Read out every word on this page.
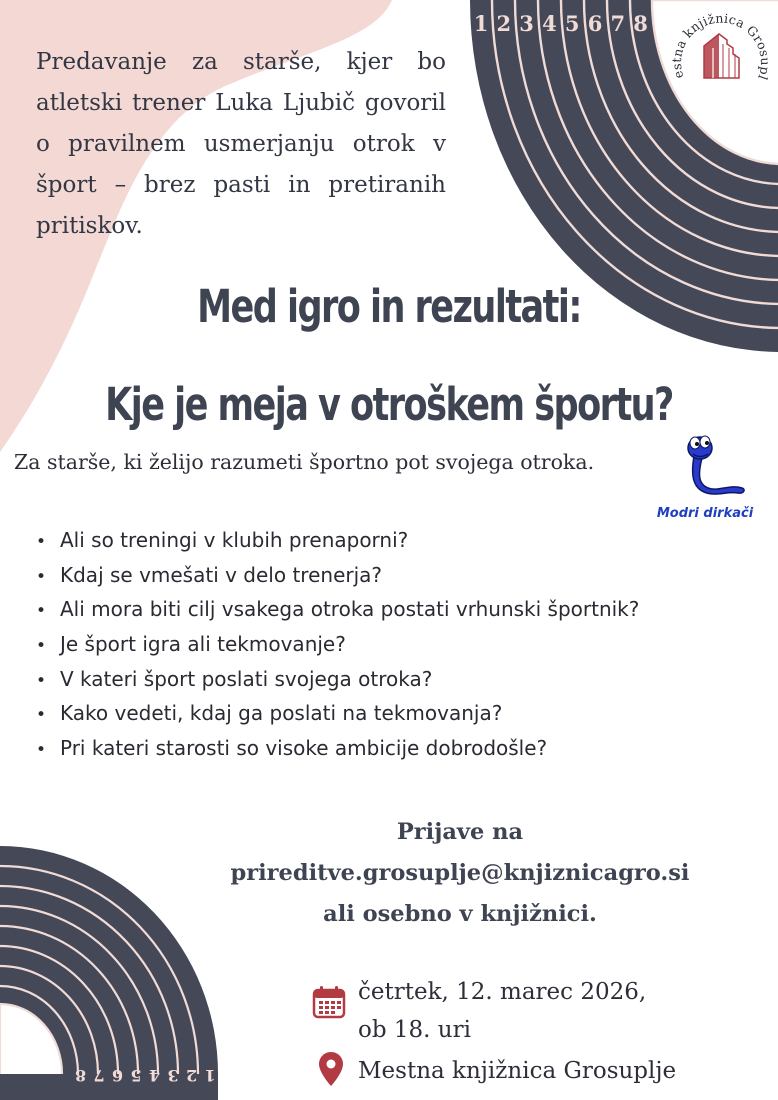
1 2 3 4 5 6 7 8
1
2
3
4
5
6
7
8
estna knjižnica Grosupl
Predavanje za starše, kjer bo atletski trener Luka Ljubič govoril o pravilnem usmerjanju otrok v šport – brez pasti in pretiranih pritiskov.
Med igro in rezultati:
Kje je meja v otroškem športu?
Za starše, ki želijo razumeti športno pot svojega otroka.
Modri dirkači
• Ali so treningi v klubih prenaporni?
• Kdaj se vmešati v delo trenerja?
• Ali mora biti cilj vsakega otroka postati vrhunski športnik?
• Je šport igra ali tekmovanje?
• V kateri šport poslati svojega otroka?
• Kako vedeti, kdaj ga poslati na tekmovanja?
• Pri kateri starosti so visoke ambicije dobrodošle?
Prijave na
prireditve.grosuplje@knjiznicagro.si
ali osebno v knjižnici.
četrtek, 12. marec 2026,
ob 18. uri
Mestna knjižnica Grosuplje
